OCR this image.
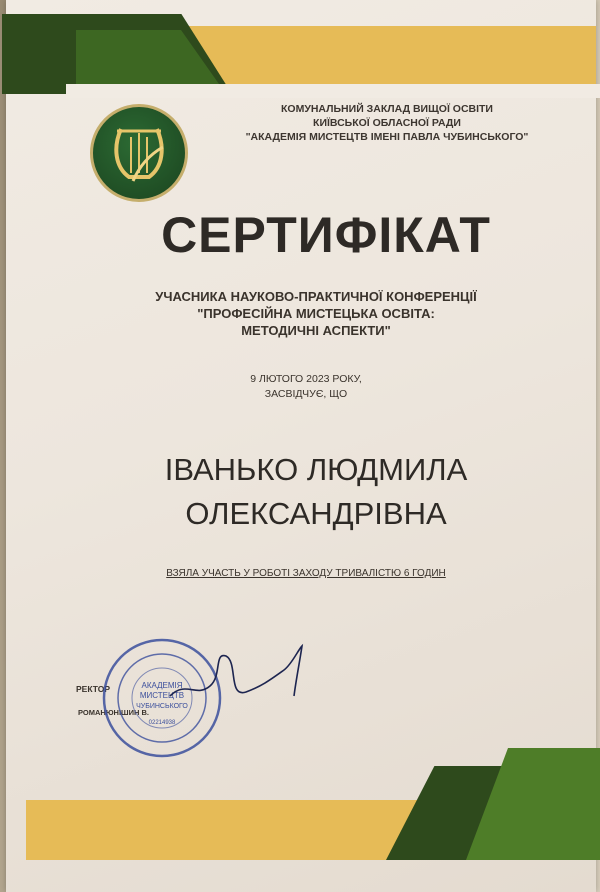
КОМУНАЛЬНИЙ ЗАКЛАД ВИЩОЇ ОСВІТИ
КИЇВСЬКОЇ ОБЛАСНОЇ РАДИ
"АКАДЕМІЯ МИСТЕЦТВ ІМЕНІ ПАВЛА ЧУБИНСЬКОГО"
СЕРТИФІКАТ
УЧАСНИКА НАУКОВО-ПРАКТИЧНОЇ КОНФЕРЕНЦІЇ
"ПРОФЕСІЙНА МИСТЕЦЬКА ОСВІТА:
МЕТОДИЧНІ АСПЕКТИ"
9 ЛЮТОГО 2023 РОКУ,
ЗАСВІДЧУЄ, ЩО
ІВАНЬКО ЛЮДМИЛА
ОЛЕКСАНДРІВНА
ВЗЯЛА УЧАСТЬ У РОБОТІ ЗАХОДУ ТРИВАЛІСТЮ 6 ГОДИН
РЕКТОР
РОМАНЮНІШИН В.
АКАДЕМІЯ
МИСТЕЦТВ
ЧУБИНСЬКОГО
02214938
